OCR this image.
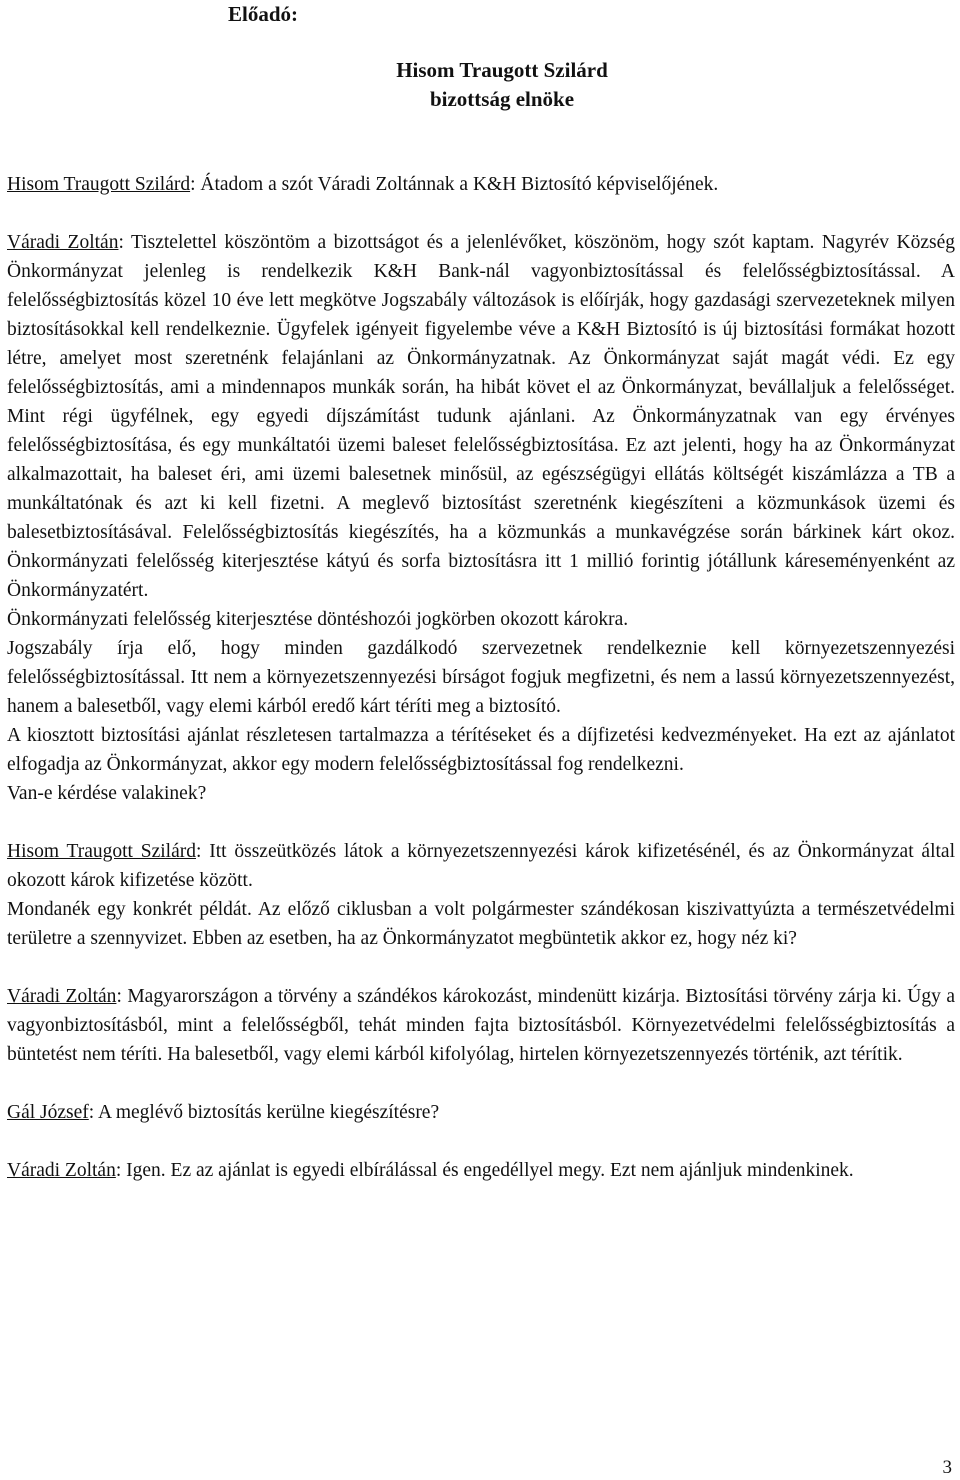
Előadó:
Hisom Traugott Szilárd
bizottság elnöke

Hisom Traugott Szilárd: Átadom a szót Váradi Zoltánnak a K&H Biztosító képviselőjének.

Váradi Zoltán: Tisztelettel köszöntöm a bizottságot és a jelenlévőket, köszönöm, hogy szót kaptam. Nagyrév Község Önkormányzat jelenleg is rendelkezik K&H Bank-nál vagyonbiztosítással és felelősségbiztosítással. A felelősségbiztosítás közel 10 éve lett megkötve Jogszabály változások is előírják, hogy gazdasági szervezeteknek milyen biztosításokkal kell rendelkeznie. Ügyfelek igényeit figyelembe véve a K&H Biztosító is új biztosítási formákat hozott létre, amelyet most szeretnénk felajánlani az Önkormányzatnak. Az Önkormányzat saját magát védi. Ez egy felelősségbiztosítás, ami a mindennapos munkák során, ha hibát követ el az Önkormányzat, bevállaljuk a felelősséget. Mint régi ügyfélnek, egy egyedi díjszámítást tudunk ajánlani. Az Önkormányzatnak van egy érvényes felelősségbiztosítása, és egy munkáltatói üzemi baleset felelősségbiztosítása. Ez azt jelenti, hogy ha az Önkormányzat alkalmazottait, ha baleset éri, ami üzemi balesetnek minősül, az egészségügyi ellátás költségét kiszámlázza a TB a munkáltatónak és azt ki kell fizetni. A meglevő biztosítást szeretnénk kiegészíteni a közmunkások üzemi és balesetbiztosításával. Felelősségbiztosítás kiegészítés, ha a közmunkás a munkavégzése során bárkinek kárt okoz. Önkormányzati felelősség kiterjesztése kátyú és sorfa biztosításra itt 1 millió forintig jótállunk káreseményenként az Önkormányzatért.

Önkormányzati felelősség kiterjesztése döntéshozói jogkörben okozott károkra.

Jogszabály írja elő, hogy minden gazdálkodó szervezetnek rendelkeznie kell környezetszennyezési felelősségbiztosítással. Itt nem a környezetszennyezési bírságot fogjuk megfizetni, és nem a lassú környezetszennyezést, hanem a balesetből, vagy elemi kárból eredő kárt téríti meg a biztosító.

A kiosztott biztosítási ajánlat részletesen tartalmazza a térítéseket és a díjfizetési kedvezményeket. Ha ezt az ajánlatot elfogadja az Önkormányzat, akkor egy modern felelősségbiztosítással fog rendelkezni.

Van-e kérdése valakinek?

Hisom Traugott Szilárd: Itt összeütközés látok a környezetszennyezési károk kifizetésénél, és az Önkormányzat által okozott károk kifizetése között.

Mondanék egy konkrét példát. Az előző ciklusban a volt polgármester szándékosan kiszivattyúzta a természetvédelmi területre a szennyvizet. Ebben az esetben, ha az Önkormányzatot megbüntetik akkor ez, hogy néz ki?

Váradi Zoltán: Magyarországon a törvény a szándékos károkozást, mindenütt kizárja. Biztosítási törvény zárja ki. Úgy a vagyonbiztosításból, mint a felelősségből, tehát minden fajta biztosításból. Környezetvédelmi felelősségbiztosítás a büntetést nem téríti. Ha balesetből, vagy elemi kárból kifolyólag, hirtelen környezetszennyezés történik, azt térítik.

Gál József: A meglévő biztosítás kerülne kiegészítésre?

Váradi Zoltán: Igen. Ez az ajánlat is egyedi elbírálással és engedéllyel megy. Ezt nem ajánljuk mindenkinek.

3
